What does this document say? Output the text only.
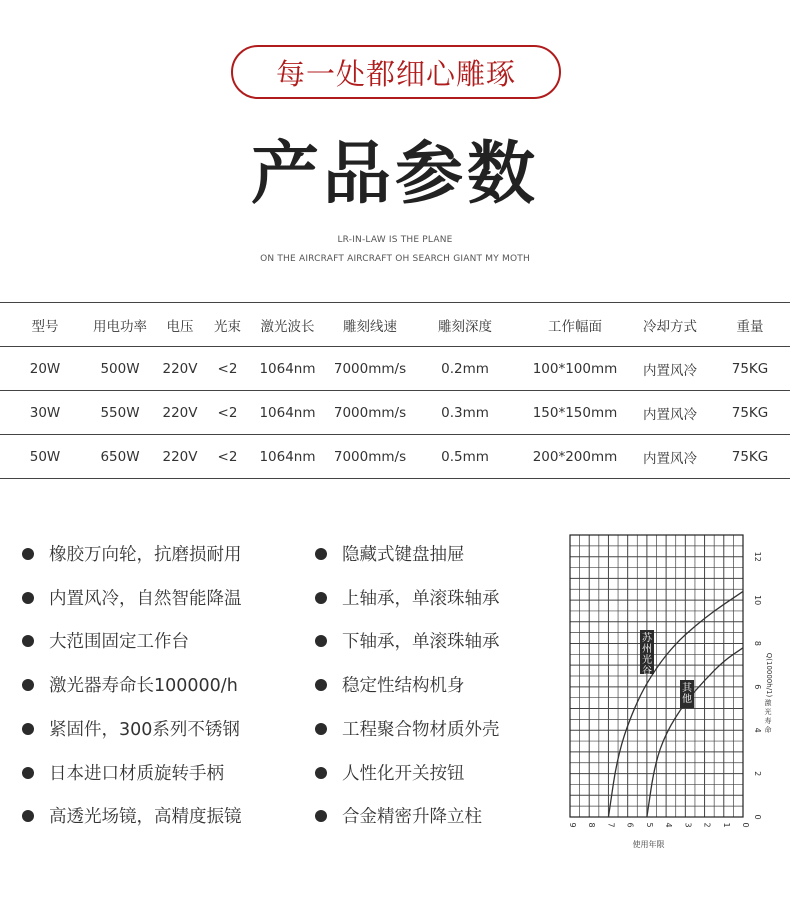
每一处都细心雕琢
产品参数
LR-IN-LAW IS THE PLANE
ON THE AIRCRAFT AIRCRAFT OH SEARCH GIANT MY MOTH
型号	用电功率	电压	光束	激光波长	雕刻线速	雕刻深度	工作幅面	冷却方式	重量
20W	500W	220V	<2	1064nm	7000mm/s	0.2mm	100*100mm	内置风冷	75KG
30W	550W	220V	<2	1064nm	7000mm/s	0.3mm	150*150mm	内置风冷	75KG
50W	650W	220V	<2	1064nm	7000mm/s	0.5mm	200*200mm	内置风冷	75KG
橡胶万向轮，抗磨损耐用
内置风冷，自然智能降温
大范围固定工作台
激光器寿命长100000/h
紧固件，300系列不锈钢
日本进口材质旋转手柄
高透光场镜，高精度振镜
隐藏式键盘抽屉
上轴承，单滚珠轴承
下轴承，单滚珠轴承
稳定性结构机身
工程聚合物材质外壳
人性化开关按钮
合金精密升降立柱
苏
州
光
谷
其
他
9 8 7 6 5 4 3 2 1 0
0
2
4
6
8
10
12
使用年限
激
光
寿
命
Q(10000h/1)
